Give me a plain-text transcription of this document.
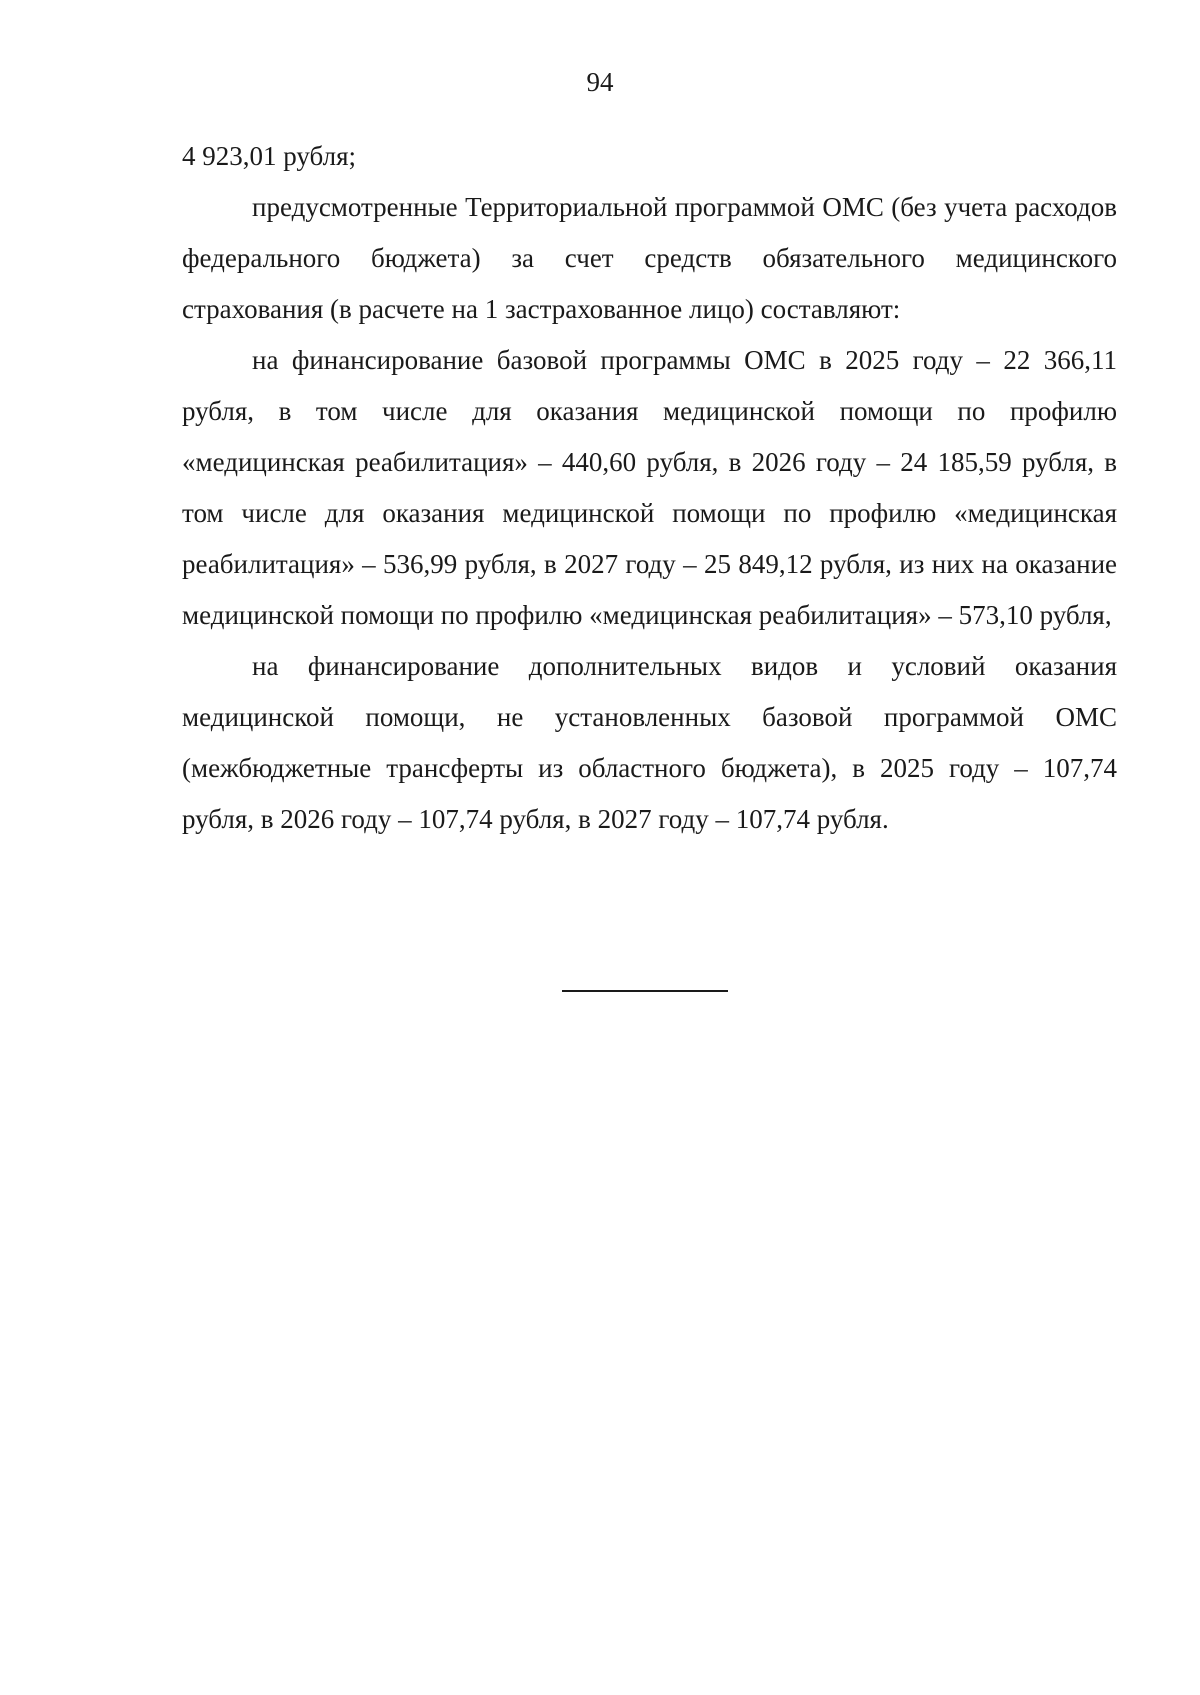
94

4 923,01 рубля;

предусмотренные Территориальной программой ОМС (без учета расходов федерального бюджета) за счет средств обязательного медицинского страхования (в расчете на 1 застрахованное лицо) составляют:

на финансирование базовой программы ОМС в 2025 году – 22 366,11 рубля, в том числе для оказания медицинской помощи по профилю «медицинская реабилитация» – 440,60 рубля, в 2026 году – 24 185,59 рубля, в том числе для оказания медицинской помощи по профилю «медицинская реабилитация» – 536,99 рубля, в 2027 году – 25 849,12 рубля, из них на оказание медицинской помощи по профилю «медицинская реабилитация» – 573,10 рубля,

на финансирование дополнительных видов и условий оказания медицинской помощи, не установленных базовой программой ОМС (межбюджетные трансферты из областного бюджета), в 2025 году – 107,74 рубля, в 2026 году – 107,74 рубля, в 2027 году – 107,74 рубля.
